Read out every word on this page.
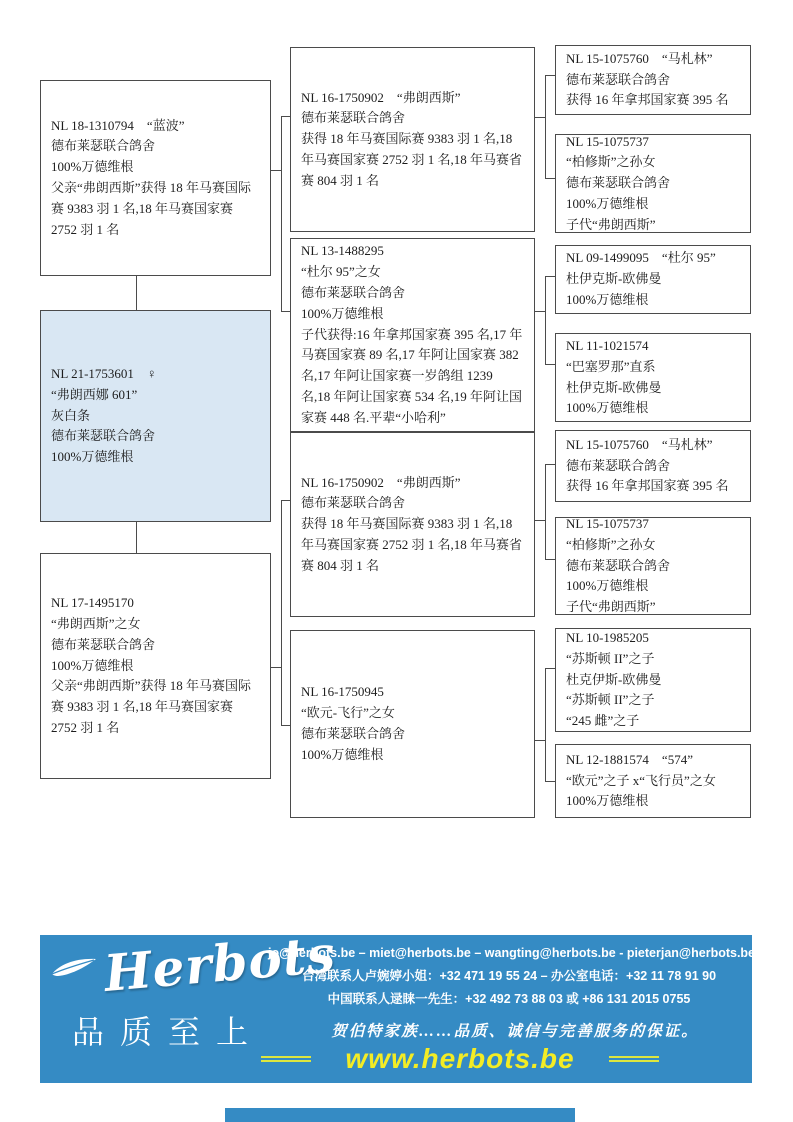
NL 18-1310794　“蓝波”
德布莱瑟联合鸽舍
100%万德维根
父亲“弗朗西斯”获得 18 年马赛国际赛 9383 羽 1 名,18 年马赛国家赛 2752 羽 1 名
NL 21-1753601　♀
“弗朗西娜 601”
灰白条
德布莱瑟联合鸽舍
100%万德维根
NL 17-1495170
“弗朗西斯”之女
德布莱瑟联合鸽舍
100%万德维根
父亲“弗朗西斯”获得 18 年马赛国际赛 9383 羽 1 名,18 年马赛国家赛 2752 羽 1 名
NL 16-1750902　“弗朗西斯”
德布莱瑟联合鸽舍
获得 18 年马赛国际赛 9383 羽 1 名,18 年马赛国家赛 2752 羽 1 名,18 年马赛省赛 804 羽 1 名
NL 13-1488295
“杜尔 95”之女
德布莱瑟联合鸽舍
100%万德维根
子代获得:16 年拿邦国家赛 395 名,17 年马赛国家赛 89 名,17 年阿让国家赛 382 名,17 年阿让国家赛一岁鸽组 1239 名,18 年阿让国家赛 534 名,19 年阿让国家赛 448 名.平辈“小哈利”
NL 16-1750902　“弗朗西斯”
德布莱瑟联合鸽舍
获得 18 年马赛国际赛 9383 羽 1 名,18 年马赛国家赛 2752 羽 1 名,18 年马赛省赛 804 羽 1 名
NL 16-1750945
“欧元-飞行”之女
德布莱瑟联合鸽舍
100%万德维根
NL 15-1075760　“马札林”
德布莱瑟联合鸽舍
获得 16 年拿邦国家赛 395 名
NL 15-1075737
“柏修斯”之孙女
德布莱瑟联合鸽舍
100%万德维根
子代“弗朗西斯”
NL 09-1499095　“杜尔 95”
杜伊克斯-欧佛曼
100%万德维根
NL 11-1021574
“巴塞罗那”直系
杜伊克斯-欧佛曼
100%万德维根
NL 15-1075760　“马札林”
德布莱瑟联合鸽舍
获得 16 年拿邦国家赛 395 名
NL 15-1075737
“柏修斯”之孙女
德布莱瑟联合鸽舍
100%万德维根
子代“弗朗西斯”
NL 10-1985205
“苏斯顿 II”之子
杜克伊斯-欧佛曼
“苏斯顿 II”之子
“245 雌”之子
NL 12-1881574　“574”
“欧元”之子 x“飞行员”之女
100%万德维根
Herbots
品质至上
jo@herbots.be – miet@herbots.be – wangting@herbots.be - pieterjan@herbots.be
台湾联系人卢婉婷小姐：+32 471 19 55 24 – 办公室电话：+32 11 78 91 90
中国联系人逯睐一先生：+32 492 73 88 03 或 +86 131 2015 0755
贺伯特家族……品质、诚信与完善服务的保证。
www.herbots.be
